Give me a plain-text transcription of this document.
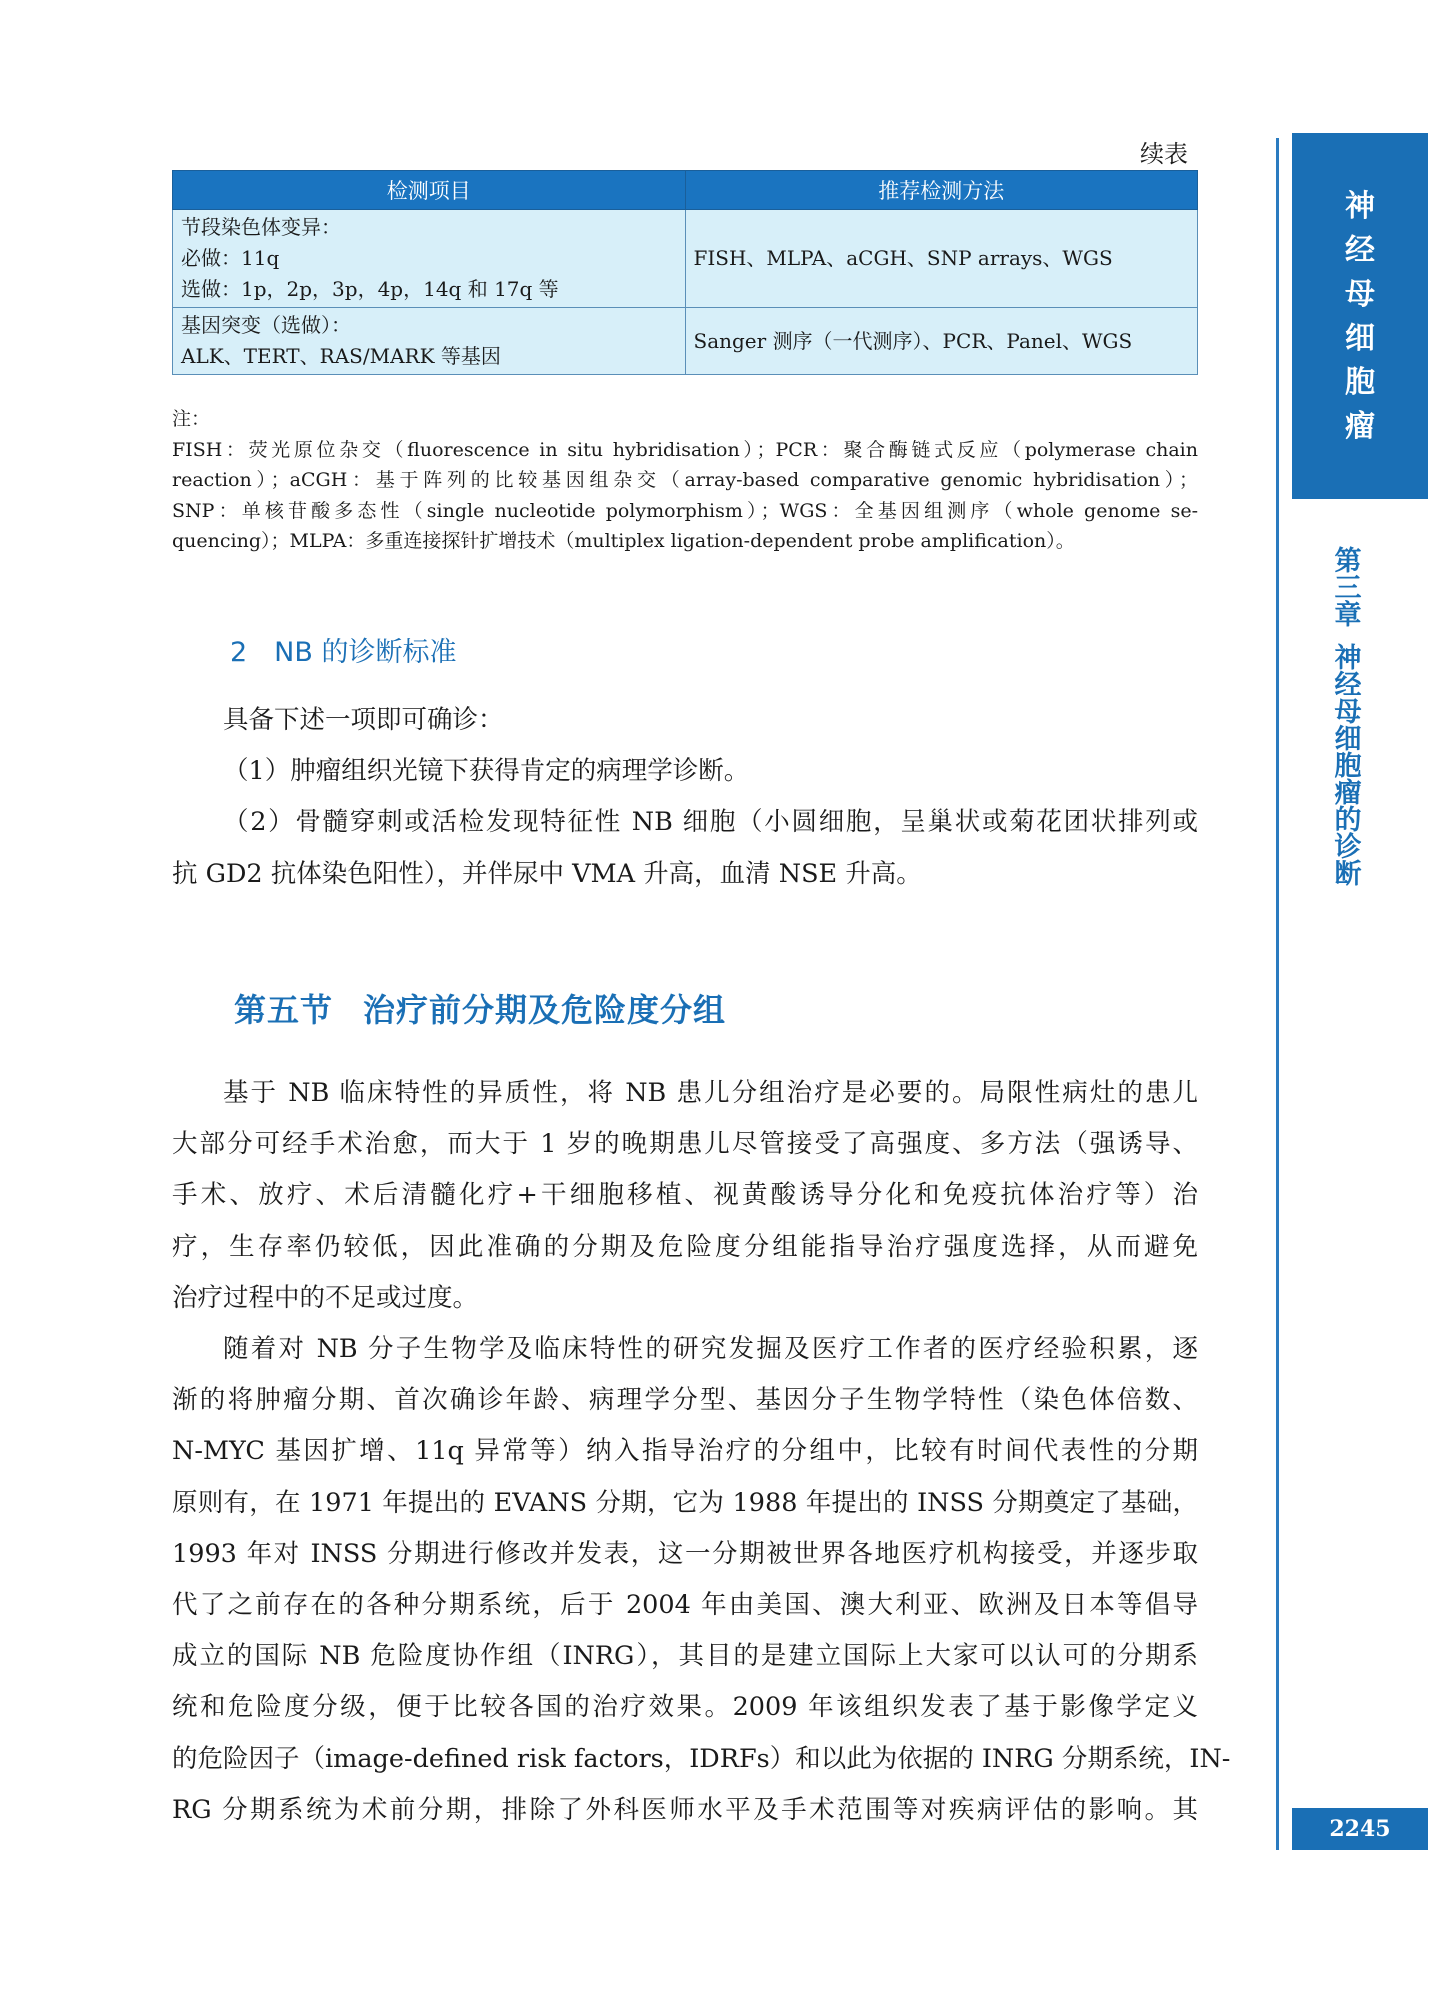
续表
检测项目	推荐检测方法

节段染色体变异：
必做：11q
选做：1p，2p，3p，4p，14q 和 17q 等	FISH、MLPA、aCGH、SNP arrays、WGS

基因突变（选做）：
ALK、TERT、RAS/MARK 等基因	Sanger 测序（一代测序）、PCR、Panel、WGS
注：
FISH：荧光原位杂交（fluorescence in situ hybridisation）；PCR：聚合酶链式反应（polymerase chain
reaction）；aCGH：基于阵列的比较基因组杂交（array-based comparative genomic hybridisation）；
SNP：单核苷酸多态性（single nucleotide polymorphism）；WGS：全基因组测序（whole genome se-
quencing）；MLPA：多重连接探针扩增技术（multiplex ligation-dependent probe amplification）。
2　NB 的诊断标准
具备下述一项即可确诊：
（1）肿瘤组织光镜下获得肯定的病理学诊断。
（2）骨髓穿刺或活检发现特征性 NB 细胞（小圆细胞，呈巢状或菊花团状排列或
抗 GD2 抗体染色阳性），并伴尿中 VMA 升高，血清 NSE 升高。
第五节 治疗前分期及危险度分组
基于 NB 临床特性的异质性，将 NB 患儿分组治疗是必要的。局限性病灶的患儿
大部分可经手术治愈，而大于 1 岁的晚期患儿尽管接受了高强度、多方法（强诱导、
手术、放疗、术后清髓化疗+干细胞移植、视黄酸诱导分化和免疫抗体治疗等）治
疗，生存率仍较低，因此准确的分期及危险度分组能指导治疗强度选择，从而避免
治疗过程中的不足或过度。
随着对 NB 分子生物学及临床特性的研究发掘及医疗工作者的医疗经验积累，逐
渐的将肿瘤分期、首次确诊年龄、病理学分型、基因分子生物学特性（染色体倍数、
N-MYC 基因扩增、11q 异常等）纳入指导治疗的分组中，比较有时间代表性的分期
原则有，在 1971 年提出的 EVANS 分期，它为 1988 年提出的 INSS 分期奠定了基础，
1993 年对 INSS 分期进行修改并发表，这一分期被世界各地医疗机构接受，并逐步取
代了之前存在的各种分期系统，后于 2004 年由美国、澳大利亚、欧洲及日本等倡导
成立的国际 NB 危险度协作组（INRG），其目的是建立国际上大家可以认可的分期系
统和危险度分级，便于比较各国的治疗效果。2009 年该组织发表了基于影像学定义
的危险因子（image-defined risk factors，IDRFs）和以此为依据的 INRG 分期系统，IN-
RG 分期系统为术前分期，排除了外科医师水平及手术范围等对疾病评估的影响。其
神
经
母
细
胞
瘤
第
三
章
神
经
母
细
胞
瘤
的
诊
断
2245
